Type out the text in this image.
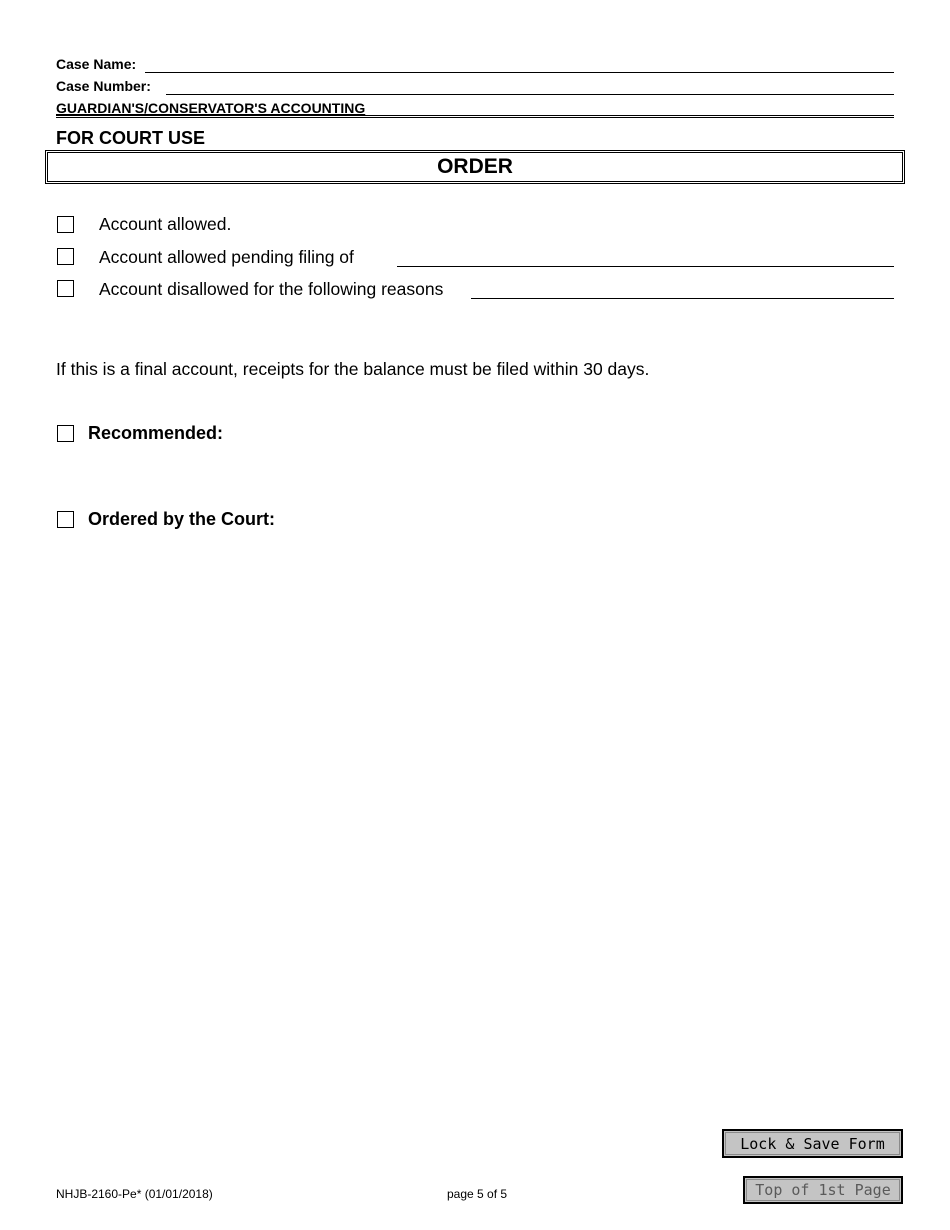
Case Name:
Case Number:
GUARDIAN'S/CONSERVATOR'S ACCOUNTING
FOR COURT USE
ORDER
Account allowed.
Account allowed pending filing of
Account disallowed for the following reasons
If this is a final account, receipts for the balance must be filed within 30 days.
Recommended:
Ordered by the Court:
Lock & Save Form
Top of 1st Page
NHJB-2160-Pe* (01/01/2018)	page 5 of 5
